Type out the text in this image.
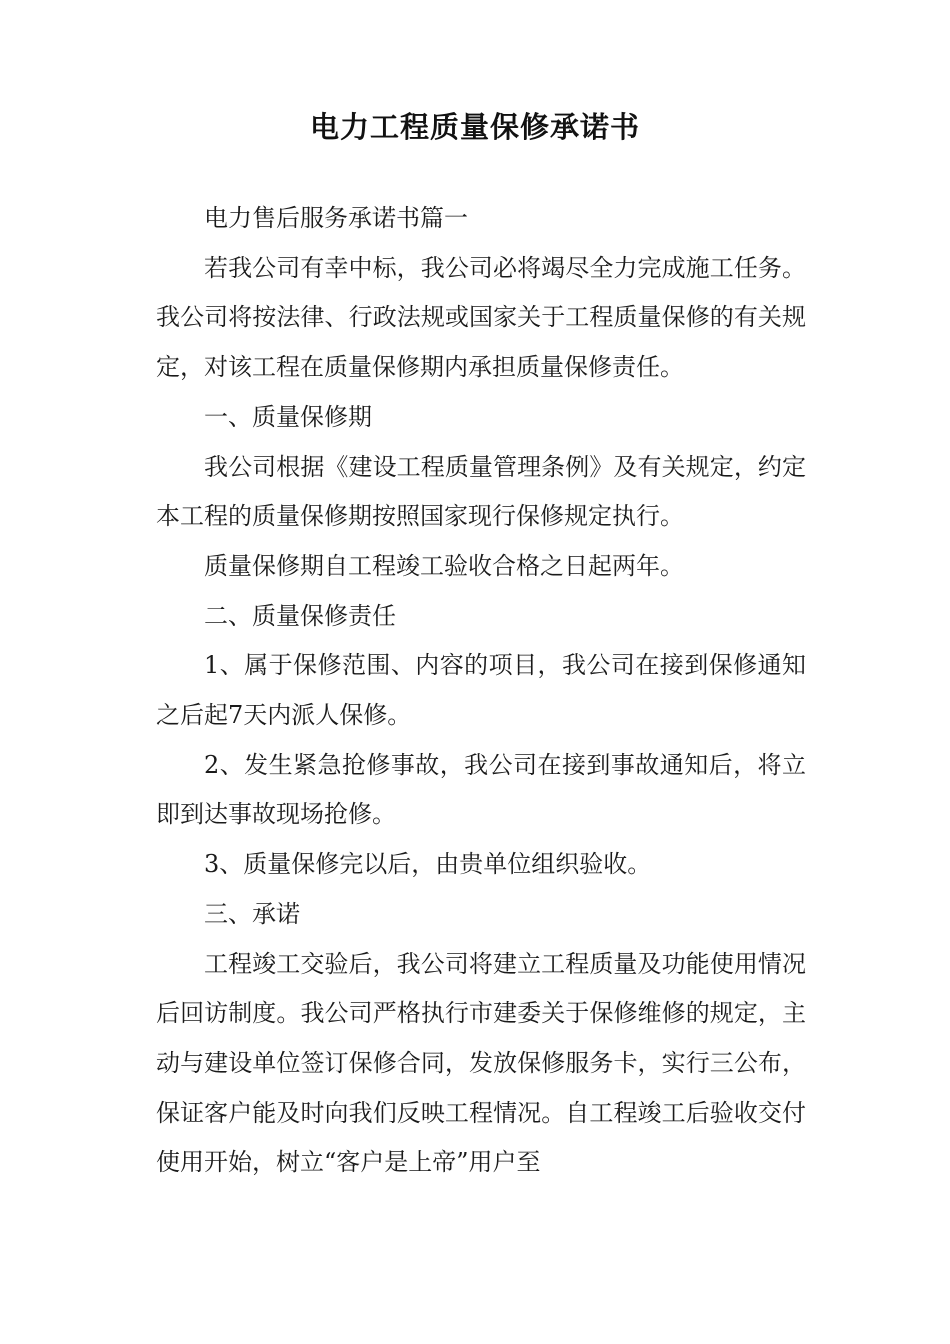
电力工程质量保修承诺书

电力售后服务承诺书篇一

若我公司有幸中标，我公司必将竭尽全力完成施工任务。我公司将按法律、行政法规或国家关于工程质量保修的有关规定，对该工程在质量保修期内承担质量保修责任。

一、质量保修期

我公司根据《建设工程质量管理条例》及有关规定，约定本工程的质量保修期按照国家现行保修规定执行。

质量保修期自工程竣工验收合格之日起两年。

二、质量保修责任

1、属于保修范围、内容的项目，我公司在接到保修通知之后起7天内派人保修。

2、发生紧急抢修事故，我公司在接到事故通知后，将立即到达事故现场抢修。

3、质量保修完以后，由贵单位组织验收。

三、承诺

工程竣工交验后，我公司将建立工程质量及功能使用情况后回访制度。我公司严格执行市建委关于保修维修的规定，主动与建设单位签订保修合同，发放保修服务卡，实行三公布，保证客户能及时向我们反映工程情况。自工程竣工后验收交付使用开始，树立“客户是上帝”用户至
